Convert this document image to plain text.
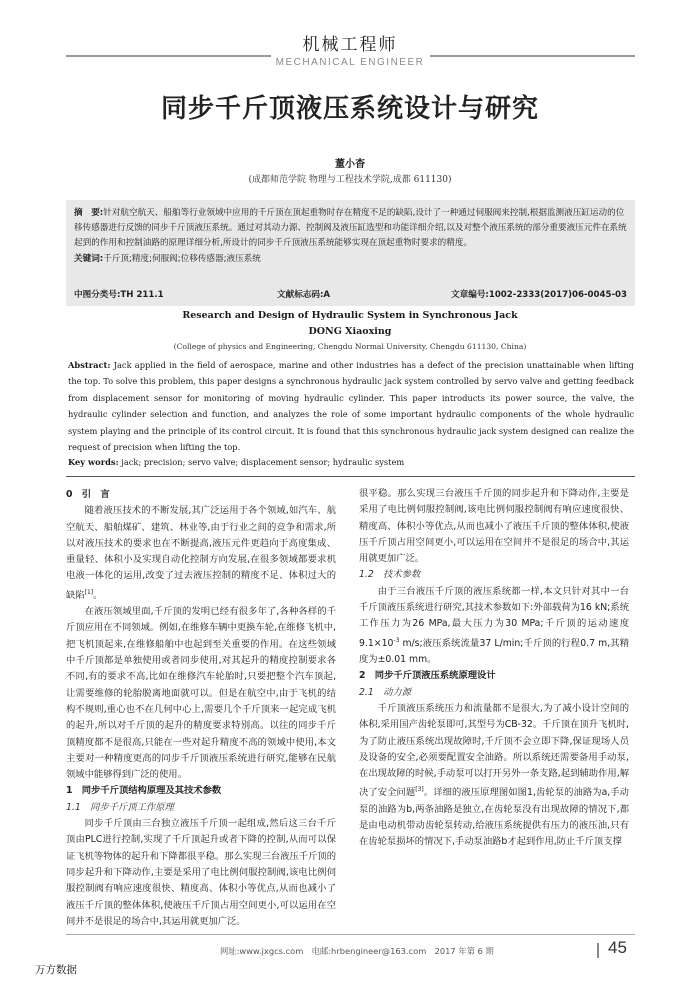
机械工程师
MECHANICAL ENGINEER
同步千斤顶液压系统设计与研究
董小杳
(成都师范学院 物理与工程技术学院,成都 611130)
摘　要:针对航空航天、船舶等行业领域中应用的千斤顶在顶起重物时存在精度不足的缺陷,设计了一种通过伺服阀来控制,根据监测液压缸运动的位移传感器进行反馈的同步千斤顶液压系统。通过对其动力源、控制阀及液压缸选型和功能详细介绍,以及对整个液压系统的部分重要液压元件在系统起到的作用和控制油路的原理详细分析,所设计的同步千斤顶液压系统能够实现在顶起重物时要求的精度。
关键词:千斤顶;精度;伺服阀;位移传感器;液压系统
中图分类号:TH 211.1	文献标志码:A	文章编号:1002-2333(2017)06-0045-03
Research and Design of Hydraulic System in Synchronous Jack
DONG Xiaoxing
(College of physics and Engineering, Chengdu Normal University, Chengdu 611130, China)
Abstract: Jack applied in the field of aerospace, marine and other industries has a defect of the precision unattainable when lifting the top. To solve this problem, this paper designs a synchronous hydraulic jack system controlled by servo valve and getting feedback from displacement sensor for monitoring of moving hydraulic cylinder. This paper introducts its power source, the valve, the hydraulic cylinder selection and function, and analyzes the role of some important hydraulic components of the whole hydraulic system playing and the principle of its control circuit. It is found that this synchronous hydraulic jack system designed can realize the request of precision when lifting the top.
Key words: jack; precision; servo valve; displacement sensor; hydraulic system

0　引　言

随着液压技术的不断发展,其广泛运用于各个领域,如汽车、航空航天、船舶煤矿、建筑、林业等,由于行业之间的竞争和需求,所以对液压技术的要求也在不断提高,液压元件更趋向于高度集成、重量轻、体积小及实现自动化控制方向发展,在很多领域都要求机电液一体化的运用,改变了过去液压控制的精度不足、体积过大的缺陷[1]。

在液压领域里面,千斤顶的发明已经有很多年了,各种各样的千斤顶应用在不同领域。例如,在维修车辆中更换车轮,在维修飞机中,把飞机顶起来,在维修船舶中也起到至关重要的作用。在这些领域中千斤顶都是单独使用或者同步使用,对其起升的精度控制要求各不同,有的要求不高,比如在维修汽车轮胎时,只要把整个汽车顶起,让需要维修的轮胎脱离地面就可以。但是在航空中,由于飞机的结构不规则,重心也不在几何中心上,需要几个千斤顶来一起完成飞机的起升,所以对千斤顶的起升的精度要求特别高。以往的同步千斤顶精度都不是很高,只能在一些对起升精度不高的领域中使用,本文主要对一种精度更高的同步千斤顶液压系统进行研究,能够在民航领域中能够得到广泛的使用。

1　同步千斤顶结构原理及其技术参数

1.1　同步千斤顶工作原理

同步千斤顶由三台独立液压千斤顶一起组成,然后这三台千斤顶由PLC进行控制,实现了千斤顶起升或者下降的控制,从而可以保证飞机等物体的起升和下降都很平稳。那么实现三台液压千斤顶的同步起升和下降动作,主要是采用了电比例伺服控制阀,该电比例伺服控制阀有响应速度很快、精度高、体积小等优点,从而也减小了液压千斤顶的整体体积,使液压千斤顶占用空间更小,可以运用在空间并不是很足的场合中,其运用就更加广泛。

很平稳。那么实现三台液压千斤顶的同步起升和下降动作,主要是采用了电比例伺服控制阀,该电比例伺服控制阀有响应速度很快、精度高、体积小等优点,从而也减小了液压千斤顶的整体体积,使液压千斤顶占用空间更小,可以运用在空间并不是很足的场合中,其运用就更加广泛。

1.2　技术参数

由于三台液压千斤顶的液压系统都一样,本文只针对其中一台千斤顶液压系统进行研究,其技术参数如下:外部载荷为16 kN;系统工作压力为26 MPa,最大压力为30 MPa;千斤顶的运动速度$9.1\times 10^{-3}$ m/s;液压系统流量37 L/min;千斤顶的行程0.7 m,其精度为±0.01 mm。

2　同步千斤顶液压系统原理设计

2.1　动力源

千斤顶液压系统压力和流量都不是很大,为了减小设计空间的体积,采用国产齿轮泵即可,其型号为CB-32。千斤顶在顶升飞机时,为了防止液压系统出现故障时,千斤顶不会立即下降,保证现场人员及设备的安全,必须要配置安全油路。所以系统还需要备用手动泵,在出现故障的时候,手动泵可以打开另外一条支路,起到辅助作用,解决了安全问题[3]。详细的液压原理图如图1,齿轮泵的油路为a,手动泵的油路为b,两条油路是独立,在齿轮泵没有出现故障的情况下,都是由电动机带动齿轮泵转动,给液压系统提供有压力的液压油,只有在齿轮泵损坏的情况下,手动泵油路b才起到作用,防止千斤顶支撑

网址:www.jxgcs.com　电邮:hrbengineer@163.com　2017 年第 6 期	45
万方数据
